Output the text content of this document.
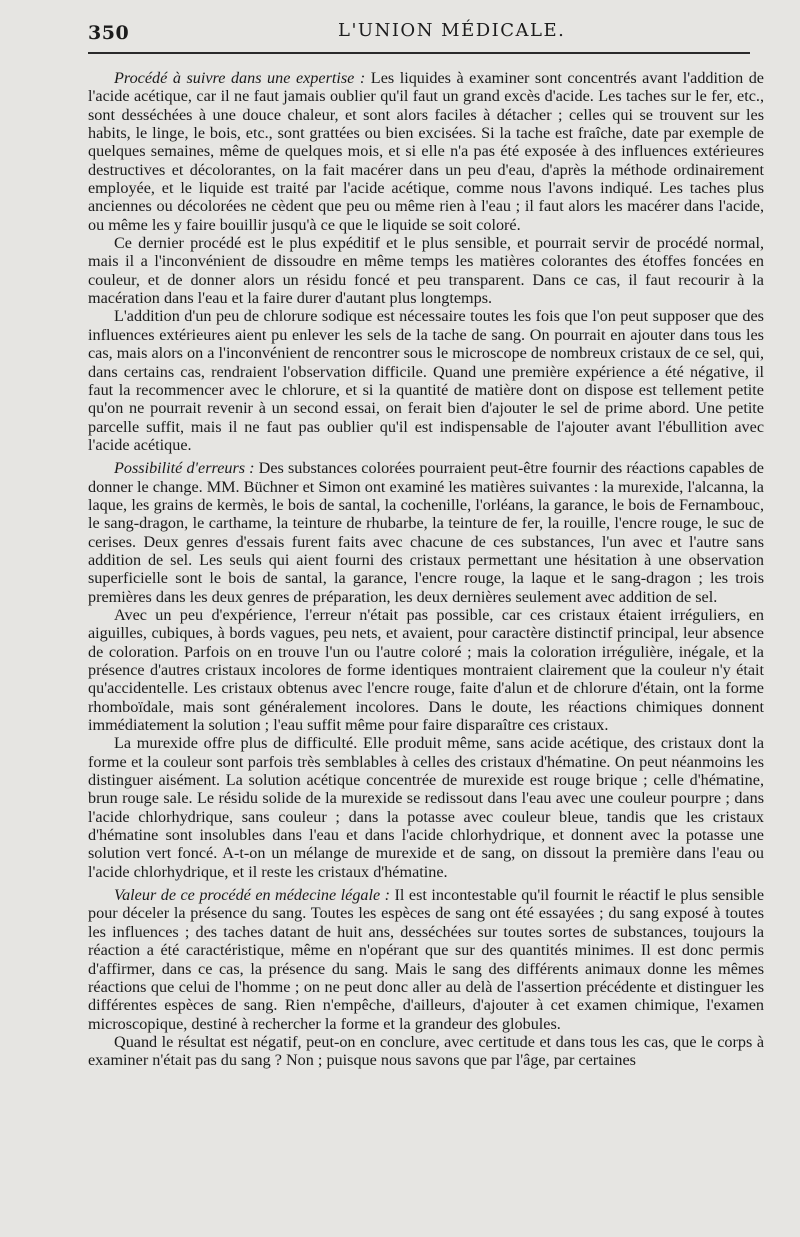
350	L'UNION MÉDICALE.

Procédé à suivre dans une expertise : Les liquides à examiner sont concentrés avant l'addition de l'acide acétique, car il ne faut jamais oublier qu'il faut un grand excès d'acide. Les taches sur le fer, etc., sont desséchées à une douce chaleur, et sont alors faciles à détacher ; celles qui se trouvent sur les habits, le linge, le bois, etc., sont grattées ou bien excisées. Si la tache est fraîche, date par exemple de quelques semaines, même de quelques mois, et si elle n'a pas été exposée à des influences extérieures destructives et décolorantes, on la fait macérer dans un peu d'eau, d'après la méthode ordinairement employée, et le liquide est traité par l'acide acétique, comme nous l'avons indiqué. Les taches plus anciennes ou décolorées ne cèdent que peu ou même rien à l'eau ; il faut alors les macérer dans l'acide, ou même les y faire bouillir jusqu'à ce que le liquide se soit coloré.

Ce dernier procédé est le plus expéditif et le plus sensible, et pourrait servir de procédé normal, mais il a l'inconvénient de dissoudre en même temps les matières colorantes des étoffes foncées en couleur, et de donner alors un résidu foncé et peu transparent. Dans ce cas, il faut recourir à la macération dans l'eau et la faire durer d'autant plus longtemps.

L'addition d'un peu de chlorure sodique est nécessaire toutes les fois que l'on peut supposer que des influences extérieures aient pu enlever les sels de la tache de sang. On pourrait en ajouter dans tous les cas, mais alors on a l'inconvénient de rencontrer sous le microscope de nombreux cristaux de ce sel, qui, dans certains cas, rendraient l'observation difficile. Quand une première expérience a été négative, il faut la recommencer avec le chlorure, et si la quantité de matière dont on dispose est tellement petite qu'on ne pourrait revenir à un second essai, on ferait bien d'ajouter le sel de prime abord. Une petite parcelle suffit, mais il ne faut pas oublier qu'il est indispensable de l'ajouter avant l'ébullition avec l'acide acétique.

Possibilité d'erreurs : Des substances colorées pourraient peut-être fournir des réactions capables de donner le change. MM. Büchner et Simon ont examiné les matières suivantes : la murexide, l'alcanna, la laque, les grains de kermès, le bois de santal, la cochenille, l'orléans, la garance, le bois de Fernambouc, le sang-dragon, le carthame, la teinture de rhubarbe, la teinture de fer, la rouille, l'encre rouge, le suc de cerises. Deux genres d'essais furent faits avec chacune de ces substances, l'un avec et l'autre sans addition de sel. Les seuls qui aient fourni des cristaux permettant une hésitation à une observation superficielle sont le bois de santal, la garance, l'encre rouge, la laque et le sang-dragon ; les trois premières dans les deux genres de préparation, les deux dernières seulement avec addition de sel.

Avec un peu d'expérience, l'erreur n'était pas possible, car ces cristaux étaient irréguliers, en aiguilles, cubiques, à bords vagues, peu nets, et avaient, pour caractère distinctif principal, leur absence de coloration. Parfois on en trouve l'un ou l'autre coloré ; mais la coloration irrégulière, inégale, et la présence d'autres cristaux incolores de forme identiques montraient clairement que la couleur n'y était qu'accidentelle. Les cristaux obtenus avec l'encre rouge, faite d'alun et de chlorure d'étain, ont la forme rhomboïdale, mais sont généralement incolores. Dans le doute, les réactions chimiques donnent immédiatement la solution ; l'eau suffit même pour faire disparaître ces cristaux.

La murexide offre plus de difficulté. Elle produit même, sans acide acétique, des cristaux dont la forme et la couleur sont parfois très semblables à celles des cristaux d'hématine. On peut néanmoins les distinguer aisément. La solution acétique concentrée de murexide est rouge brique ; celle d'hématine, brun rouge sale. Le résidu solide de la murexide se redissout dans l'eau avec une couleur pourpre ; dans l'acide chlorhydrique, sans couleur ; dans la potasse avec couleur bleue, tandis que les cristaux d'hématine sont insolubles dans l'eau et dans l'acide chlorhydrique, et donnent avec la potasse une solution vert foncé. A-t-on un mélange de murexide et de sang, on dissout la première dans l'eau ou l'acide chlorhydrique, et il reste les cristaux d'hématine.

Valeur de ce procédé en médecine légale : Il est incontestable qu'il fournit le réactif le plus sensible pour déceler la présence du sang. Toutes les espèces de sang ont été essayées ; du sang exposé à toutes les influences ; des taches datant de huit ans, desséchées sur toutes sortes de substances, toujours la réaction a été caractéristique, même en n'opérant que sur des quantités minimes. Il est donc permis d'affirmer, dans ce cas, la présence du sang. Mais le sang des différents animaux donne les mêmes réactions que celui de l'homme ; on ne peut donc aller au delà de l'assertion précédente et distinguer les différentes espèces de sang. Rien n'empêche, d'ailleurs, d'ajouter à cet examen chimique, l'examen microscopique, destiné à rechercher la forme et la grandeur des globules.

Quand le résultat est négatif, peut-on en conclure, avec certitude et dans tous les cas, que le corps à examiner n'était pas du sang ? Non ; puisque nous savons que par l'âge, par certaines
